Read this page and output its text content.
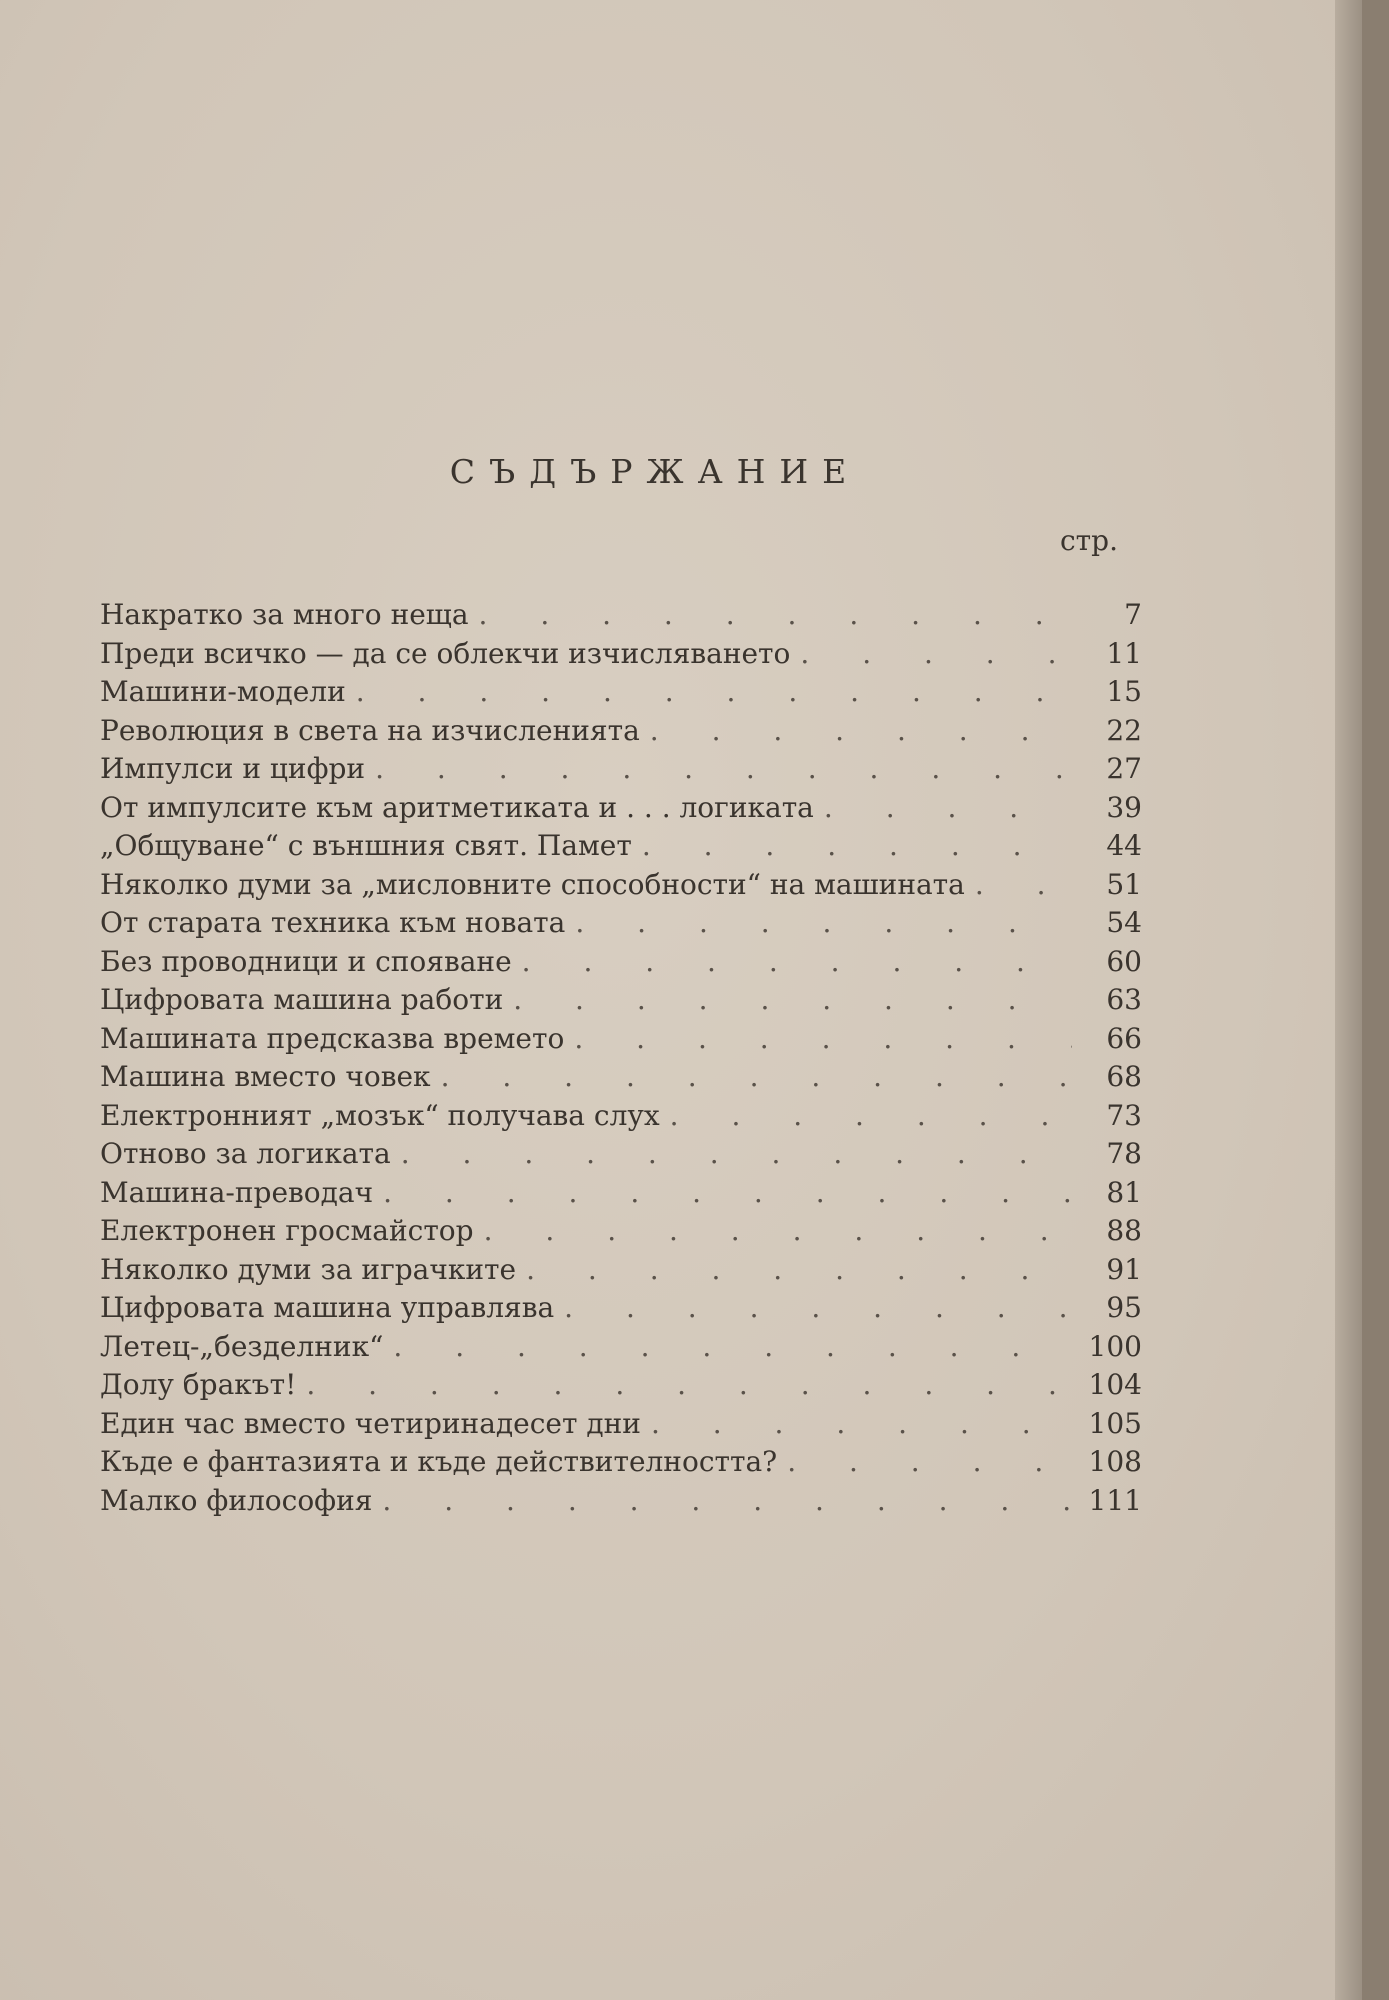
СЪДЪРЖАНИЕ
стр.
Накратко за много неща . . .	7
Преди всичко — да се облекчи изчисляването . . .	11
Машини-модели . . .	15
Революция в света на изчисленията . . .	22
Импулси и цифри . . .	27
От импулсите към аритметиката и . . . логиката . . .	39
„Общуване“ с външния свят. Памет . . .	44
Няколко думи за „мисловните способности“ на машината . . .	51
От старата техника към новата . . .	54
Без проводници и спояване . . .	60
Цифровата машина работи . . .	63
Машината предсказва времето . . .	66
Машина вместо човек . . .	68
Електронният „мозък“ получава слух . . .	73
Отново за логиката . . .	78
Машина-преводач . . .	81
Електронен гросмайстор . . .	88
Няколко думи за играчките . . .	91
Цифровата машина управлява . . .	95
Летец-„безделник“ . . .	100
Долу бракът! . . .	104
Един час вместо четиринадесет дни . . .	105
Къде е фантазията и къде действителността? . . .	108
Малко философия . . .	111
